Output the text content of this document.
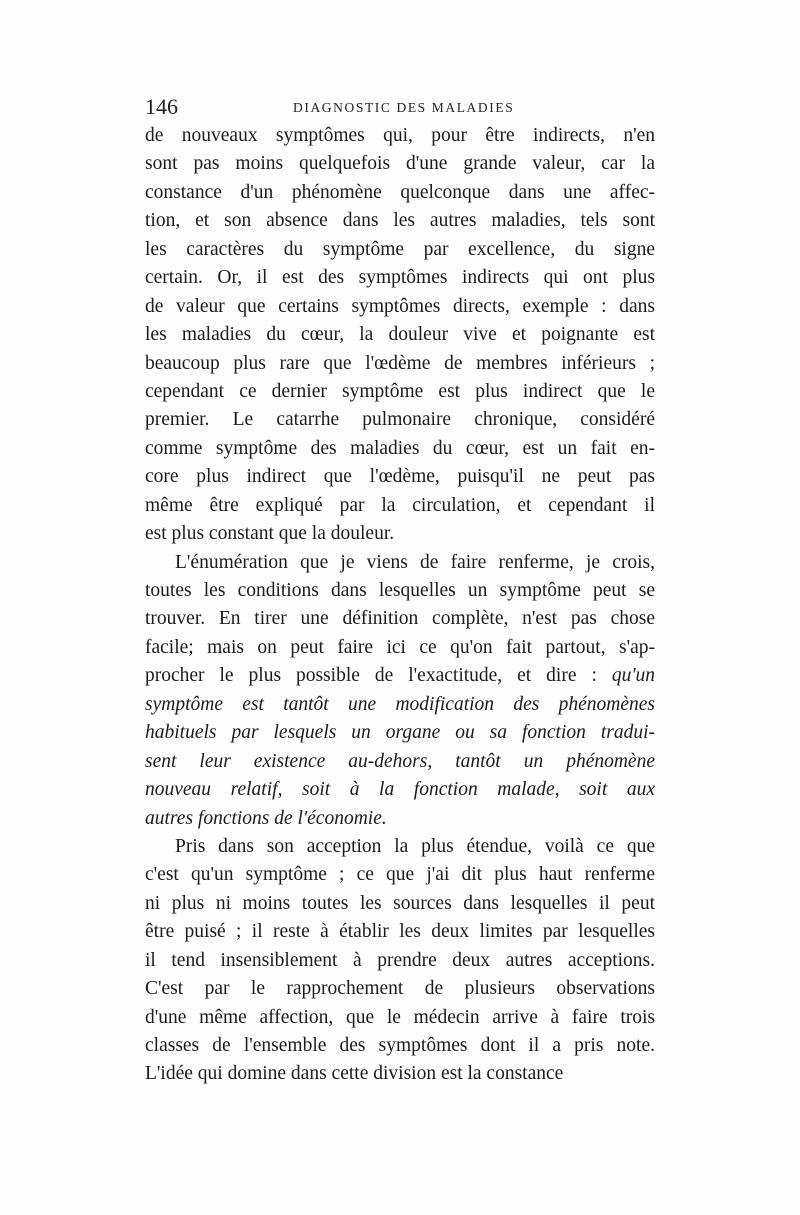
146	DIAGNOSTIC DES MALADIES
de nouveaux symptômes qui, pour être indirects, n'en
sont pas moins quelquefois d'une grande valeur, car la
constance d'un phénomène quelconque dans une affec-
tion, et son absence dans les autres maladies, tels sont
les caractères du symptôme par excellence, du signe
certain. Or, il est des symptômes indirects qui ont plus
de valeur que certains symptômes directs, exemple : dans
les maladies du cœur, la douleur vive et poignante est
beaucoup plus rare que l'œdème de membres inférieurs ;
cependant ce dernier symptôme est plus indirect que le
premier. Le catarrhe pulmonaire chronique, considéré
comme symptôme des maladies du cœur, est un fait en-
core plus indirect que l'œdème, puisqu'il ne peut pas
même être expliqué par la circulation, et cependant il
est plus constant que la douleur.
L'énumération que je viens de faire renferme, je crois,
toutes les conditions dans lesquelles un symptôme peut se
trouver. En tirer une définition complète, n'est pas chose
facile; mais on peut faire ici ce qu'on fait partout, s'ap-
procher le plus possible de l'exactitude, et dire : qu'un
symptôme est tantôt une modification des phénomènes
habituels par lesquels un organe ou sa fonction tradui-
sent leur existence au-dehors, tantôt un phénomène
nouveau relatif, soit à la fonction malade, soit aux
autres fonctions de l'économie.
Pris dans son acception la plus étendue, voilà ce que
c'est qu'un symptôme ; ce que j'ai dit plus haut renferme
ni plus ni moins toutes les sources dans lesquelles il peut
être puisé ; il reste à établir les deux limites par lesquelles
il tend insensiblement à prendre deux autres acceptions.
C'est par le rapprochement de plusieurs observations
d'une même affection, que le médecin arrive à faire trois
classes de l'ensemble des symptômes dont il a pris note.
L'idée qui domine dans cette division est la constance
